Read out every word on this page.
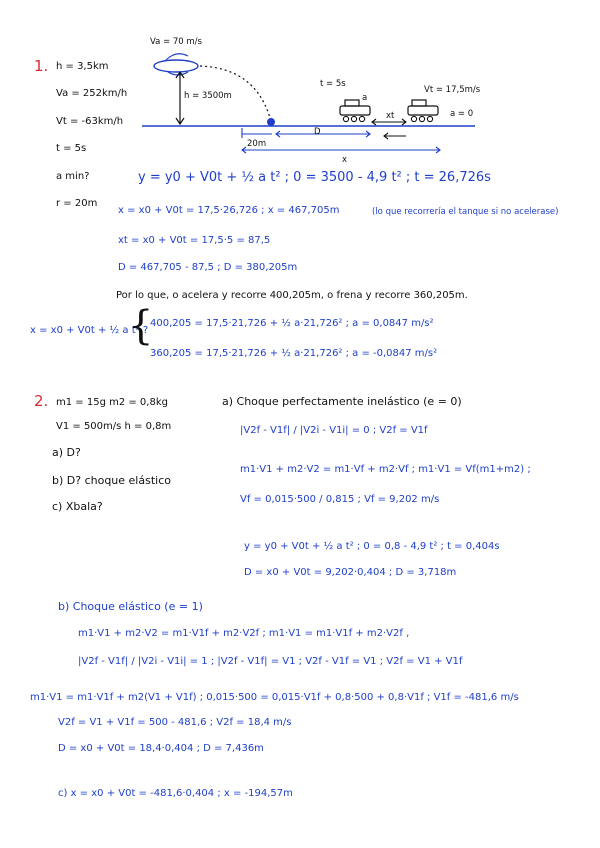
1. h = 3,5km
Va = 252km/h
Vt = -63km/h
t = 5s
a min?
r = 20m
Va = 70 m/s
h = 3500m
t = 5s
a
xt
Vt = 17,5m/s
a = 0
20m
D
x
y = y0 + V0t + ½ a t² ; 0 = 3500 - 4,9 t² ; t = 26,726s
x = x0 + V0t = 17,5·26,726 ; x = 467,705m	(lo que recorrería el tanque si no acelerase)
xt = x0 + V0t = 17,5·5 = 87,5
D = 467,705 - 87,5 ; D = 380,205m
Por lo que, o acelera y recorre 400,205m, o frena y recorre 360,205m.
x = x0 + V0t + ½ a t² ?
{
400,205 = 17,5·21,726 + ½ a·21,726² ; a = 0,0847 m/s²
360,205 = 17,5·21,726 + ½ a·21,726² ; a = -0,0847 m/s²
2. m1 = 15g m2 = 0,8kg
V1 = 500m/s h = 0,8m
a) D?
b) D? choque elástico
c) Xbala?
a) Choque perfectamente inelástico (e = 0)
|V2f - V1f| / |V2i - V1i| = 0 ; V2f = V1f
m1·V1 + m2·V2 = m1·Vf + m2·Vf ; m1·V1 = Vf(m1+m2) ;
Vf = 0,015·500 / 0,815 ; Vf = 9,202 m/s
y = y0 + V0t + ½ a t² ; 0 = 0,8 - 4,9 t² ; t = 0,404s
D = x0 + V0t = 9,202·0,404 ; D = 3,718m
b) Choque elástico (e = 1)
m1·V1 + m2·V2 = m1·V1f + m2·V2f ; m1·V1 = m1·V1f + m2·V2f ,
|V2f - V1f| / |V2i - V1i| = 1 ; |V2f - V1f| = V1 ; V2f - V1f = V1 ; V2f = V1 + V1f
m1·V1 = m1·V1f + m2(V1 + V1f) ; 0,015·500 = 0,015·V1f + 0,8·500 + 0,8·V1f ; V1f = -481,6 m/s
V2f = V1 + V1f = 500 - 481,6 ; V2f = 18,4 m/s
D = x0 + V0t = 18,4·0,404 ; D = 7,436m
c) x = x0 + V0t = -481,6·0,404 ; x = -194,57m
